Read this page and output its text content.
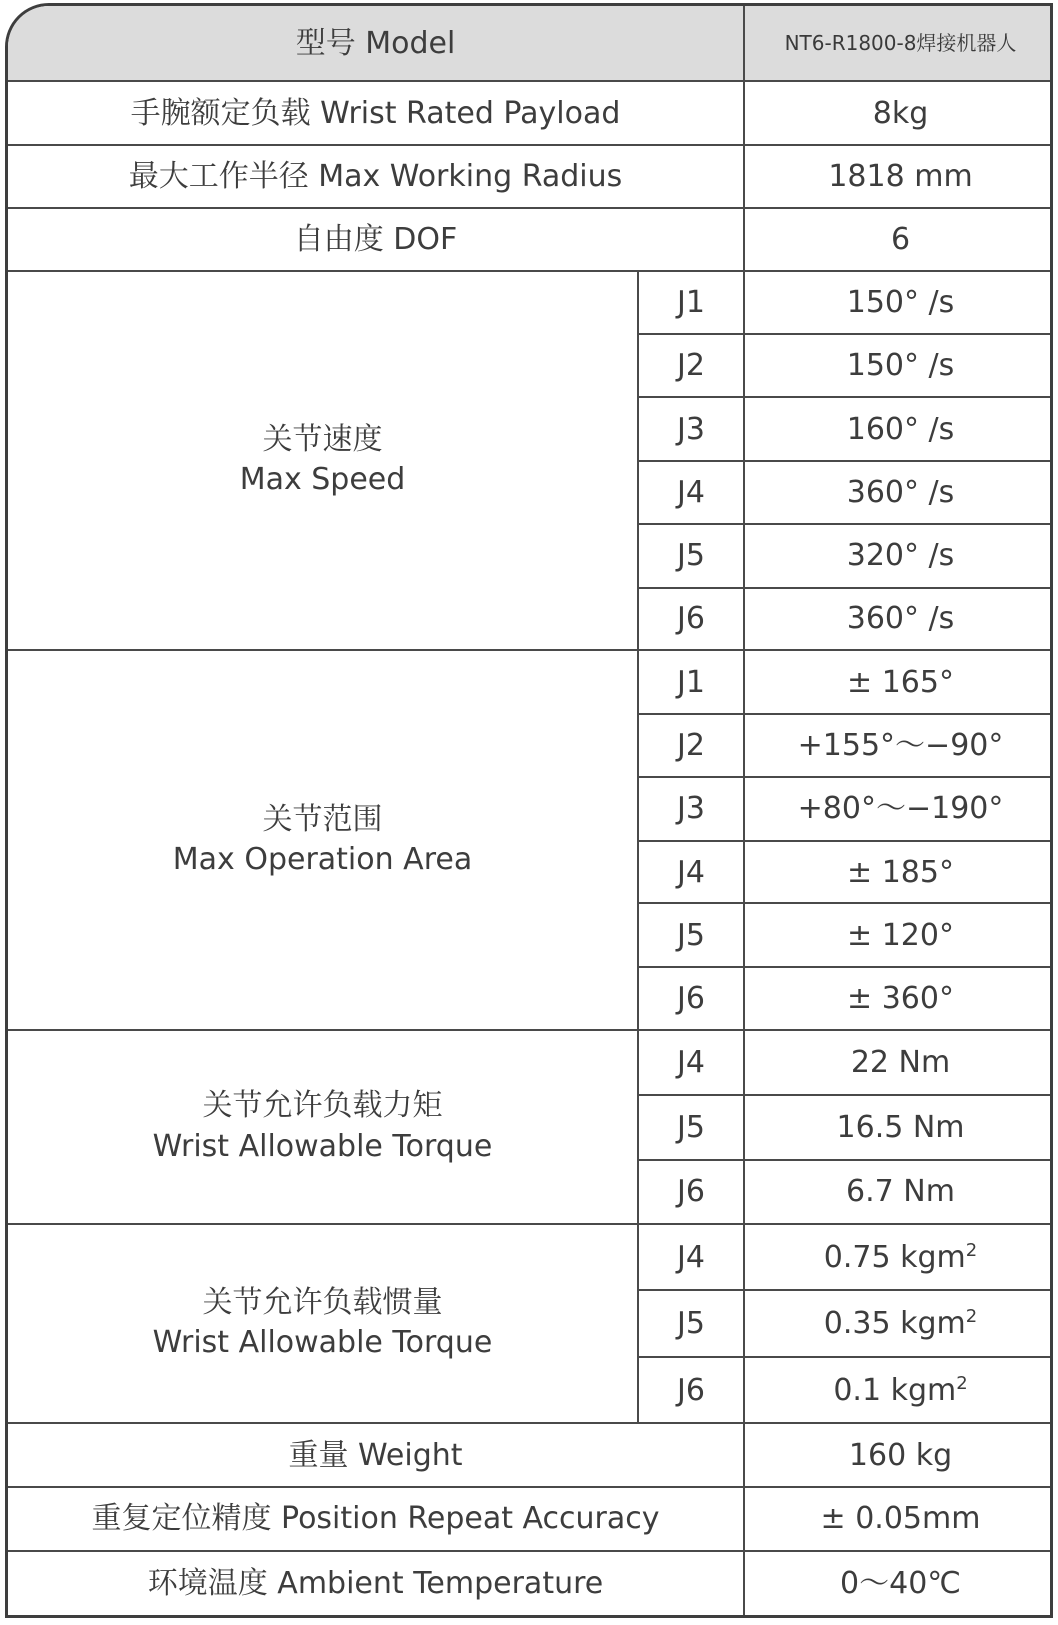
型号 Model		NT6-R1800-8焊接机器人
手腕额定负载 Wrist Rated Payload		8kg
最大工作半径 Max Working Radius		1818 mm
自由度 DOF		6

关节速度
Max Speed	J1	150° /s
	J2	150° /s
	J3	160° /s
	J4	360° /s
	J5	320° /s
	J6	360° /s

关节范围
Max Operation Area	J1	± 165°
	J2	+155°～−90°
	J3	+80°～−190°
	J4	± 185°
	J5	± 120°
	J6	± 360°

关节允许负载力矩
Wrist Allowable Torque	J4	22 Nm
	J5	16.5 Nm
	J6	6.7 Nm

关节允许负载惯量
Wrist Allowable Torque	J4	0.75 kgm$^2$
	J5	0.35 kgm$^2$
	J6	0.1 kgm$^2$
重量 Weight		160 kg
重复定位精度 Position Repeat Accuracy		± 0.05mm
环境温度 Ambient Temperature		0～40℃
